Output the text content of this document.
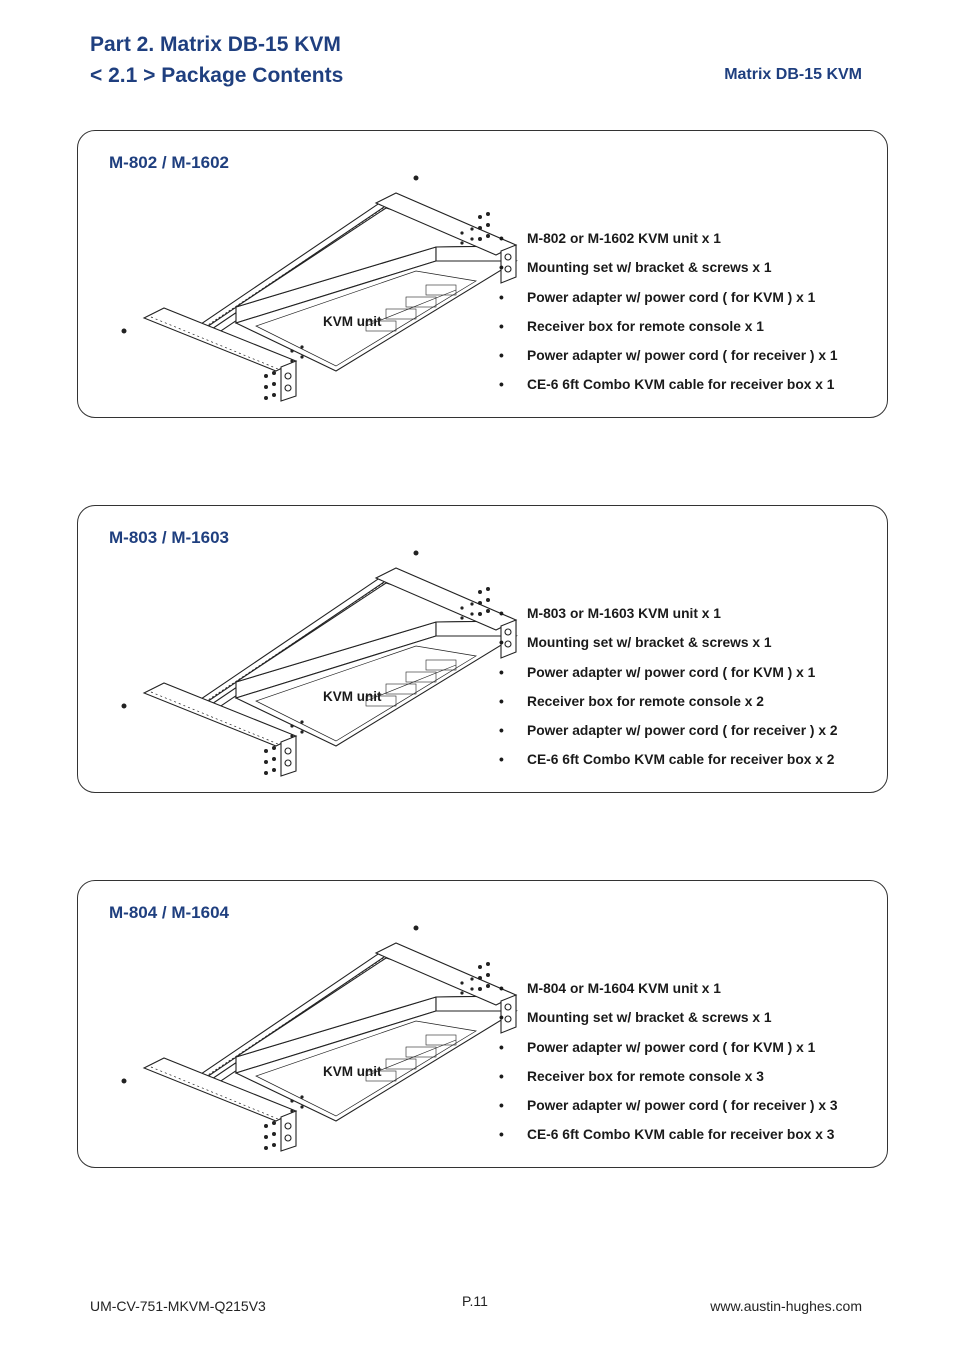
Part 2. Matrix DB-15 KVM
< 2.1 > Package Contents	Matrix DB-15 KVM
M-802 / M-1602
KVM unit
• M-802 or M-1602 KVM unit x 1
• Mounting set w/ bracket & screws x 1
• Power adapter w/ power cord ( for KVM ) x 1
• Receiver box for remote console x 1
• Power adapter w/ power cord ( for receiver ) x 1
• CE-6 6ft Combo KVM cable for receiver box x 1
M-803 / M-1603
KVM unit
• M-803 or M-1603 KVM unit x 1
• Mounting set w/ bracket & screws x 1
• Power adapter w/ power cord ( for KVM ) x 1
• Receiver box for remote console x 2
• Power adapter w/ power cord ( for receiver ) x 2
• CE-6 6ft Combo KVM cable for receiver box x 2
M-804 / M-1604
KVM unit
• M-804 or M-1604 KVM unit x 1
• Mounting set w/ bracket & screws x 1
• Power adapter w/ power cord ( for KVM ) x 1
• Receiver box for remote console x 3
• Power adapter w/ power cord ( for receiver ) x 3
• CE-6 6ft Combo KVM cable for receiver box x 3
UM-CV-751-MKVM-Q215V3	P.11	www.austin-hughes.com
